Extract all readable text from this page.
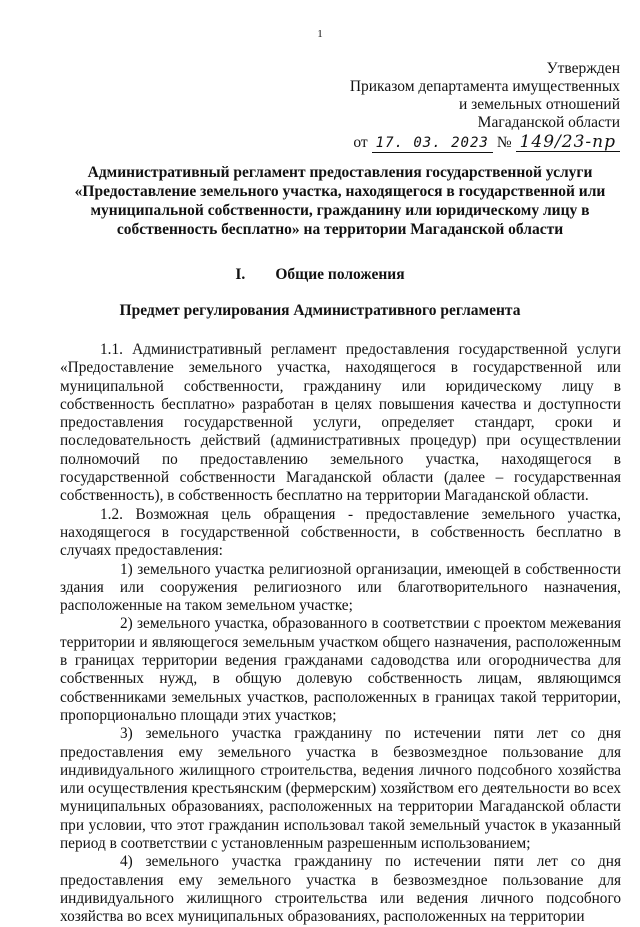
1
Утвержден
Приказом департамента имущественных
и земельных отношений
Магаданской области
от 17. 03. 2023 № 149/23-пр
Административный регламент предоставления государственной услуги «Предоставление земельного участка, находящегося в государственной или муниципальной собственности, гражданину или юридическому лицу в собственность бесплатно» на территории Магаданской области
I. Общие положения
Предмет регулирования Административного регламента

1.1. Административный регламент предоставления государственной услуги «Предоставление земельного участка, находящегося в государственной или муниципальной собственности, гражданину или юридическому лицу в собственность бесплатно» разработан в целях повышения качества и доступности предоставления государственной услуги, определяет стандарт, сроки и последовательность действий (административных процедур) при осуществлении полномочий по предоставлению земельного участка, находящегося в государственной собственности Магаданской области (далее – государственная собственность), в собственность бесплатно на территории Магаданской области.

1.2. Возможная цель обращения - предоставление земельного участка, находящегося в государственной собственности, в собственность бесплатно в случаях предоставления:

1) земельного участка религиозной организации, имеющей в собственности здания или сооружения религиозного или благотворительного назначения, расположенные на таком земельном участке;

2) земельного участка, образованного в соответствии с проектом межевания территории и являющегося земельным участком общего назначения, расположенным в границах территории ведения гражданами садоводства или огородничества для собственных нужд, в общую долевую собственность лицам, являющимся собственниками земельных участков, расположенных в границах такой территории, пропорционально площади этих участков;

3) земельного участка гражданину по истечении пяти лет со дня предоставления ему земельного участка в безвозмездное пользование для индивидуального жилищного строительства, ведения личного подсобного хозяйства или осуществления крестьянским (фермерским) хозяйством его деятельности во всех муниципальных образованиях, расположенных на территории Магаданской области при условии, что этот гражданин использовал такой земельный участок в указанный период в соответствии с установленным разрешенным использованием;

4) земельного участка гражданину по истечении пяти лет со дня предоставления ему земельного участка в безвозмездное пользование для индивидуального жилищного строительства или ведения личного подсобного хозяйства во всех муниципальных образованиях, расположенных на территории
